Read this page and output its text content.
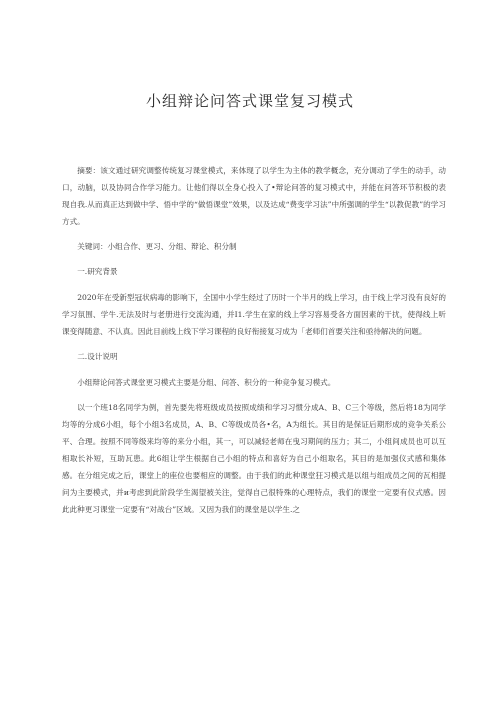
小组辩论问答式课堂复习模式

摘要：该文通过研究调整传统复习课堂模式，来体现了以学生为主体的教学概念，充分调动了学生的动手，动口，动脑，以及协同合作学习能力。让他们得以全身心投入了•辩论问答的复习模式中，并能在问答环节积极的表现自我.从而真正达到做中学、悟中学的“做悟课堂”效果，以及达成“费变学习法”中所强调的学生“以教促教”的学习方式。

关键词：小组合作、更习、分组、辩论、积分制

一.研究背景

2020年在受新型冠状病毒的影响下，全国中小学生经过了历时一个半月的线上学习，由于线上学习没有良好的学习氛围、学牛.无法及时与老册进行交流沟通，并I1.学生在家的线上学习容易受各方面因素的干扰，使得线上听课变得随意、不认真。因此目前线上线下学习课程的良好衔接复习成为「老师们首要关注和亟待解决的问题。

二.设计说明

小组辩论问答式课堂更习模式主要是分组、问答、积分的一种竞争复习模式。

以一个班18名同学为例，首先要先将班级成员按照成绩和学习习惯分成A、B、C三个等级，然后将18为同学均等的分成6小组，每个小组3名成员，A、B、C等级成员各•名，A为组长。其目的是保证后期形成的竞争关系公平、合理。按照不同等级来均等的来分小组，其一，可以减轻老师在曳习期间的压力；其二，小组间成员也可以互相取长补短，互助瓦患。此6组让学生根据自己小组的特点和喜好为自己小组取名，其目的是加强仪式感和集体感。在分组完成之后，课堂上的座位也要相应的调整。由于我们的此种课堂狂习模式是以组与组成员之间的瓦相提问为主要模式，并и考虑到此阶段学生渴望被关注，觉得自己很特殊的心理特点，我们的课堂一定要有仪式感。因此此种更习课堂一定要有“对战台”区域。又因为我们的课堂是以学生.之
